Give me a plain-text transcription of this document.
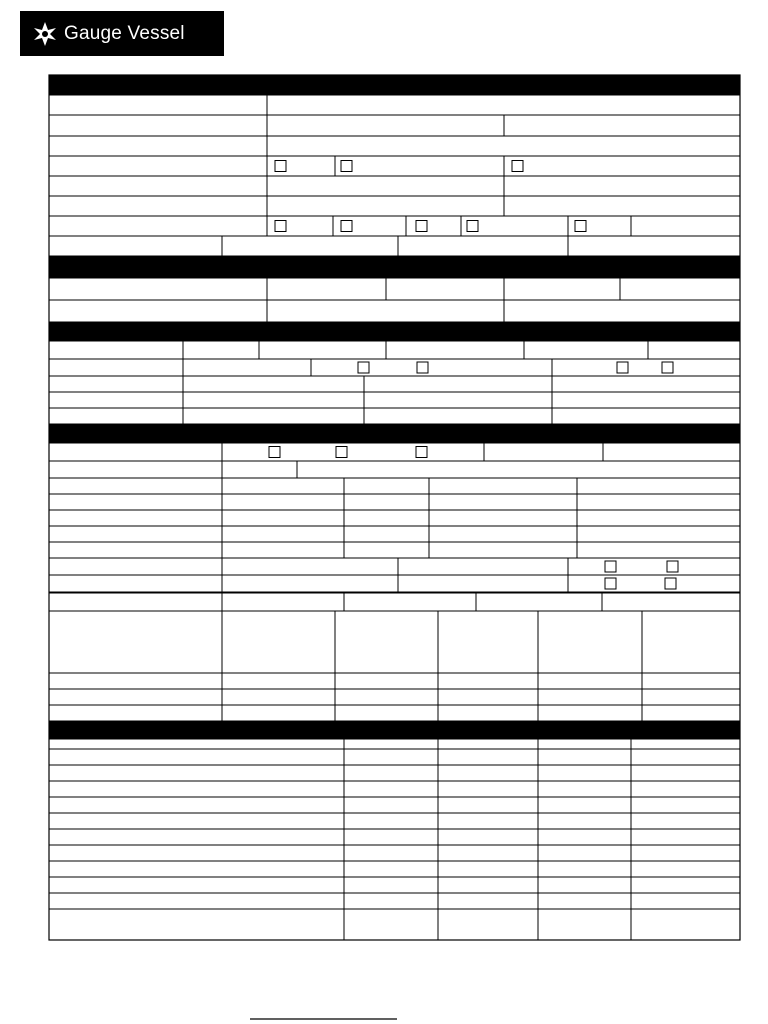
Gauge Vessel
